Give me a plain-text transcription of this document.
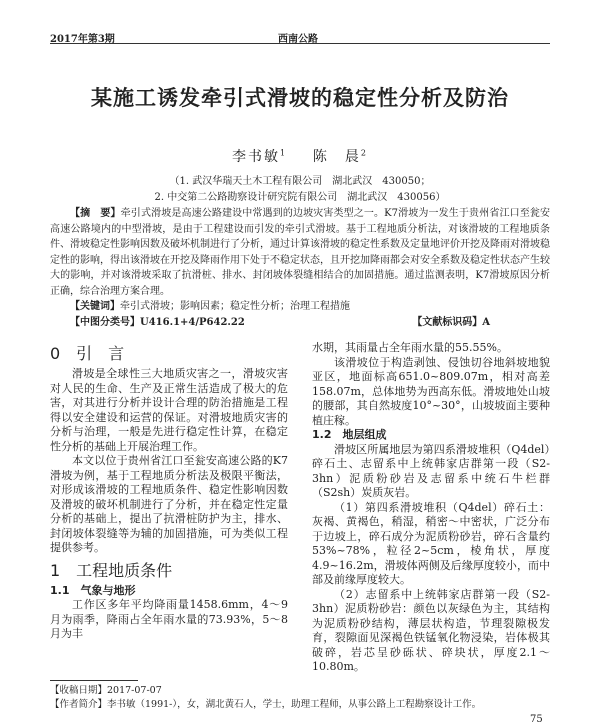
2017年第3期	西南公路
某施工诱发牵引式滑坡的稳定性分析及防治
李书敏$^1$ 陈　晨$^2$
（1. 武汉华瑞天土木工程有限公司　湖北武汉　430050；
2. 中交第二公路勘察设计研究院有限公司　湖北武汉　430056）
【摘　要】牵引式滑坡是高速公路建设中常遇到的边坡灾害类型之一。K7滑坡为一发生于贵州省江口至瓮安高速公路境内的中型滑坡，是由于工程建设而引发的牵引式滑坡。基于工程地质分析法，对该滑坡的工程地质条件、滑坡稳定性影响因数及破坏机制进行了分析，通过计算该滑坡的稳定性系数及定量地评价开挖及降雨对滑坡稳定性的影响，得出该滑坡在开挖及降雨作用下处于不稳定状态，且开挖加降雨都会对安全系数及稳定性状态产生较大的影响，并对该滑坡采取了抗滑桩、排水、封闭坡体裂缝相结合的加固措施。通过监测表明，K7滑坡原因分析正确，综合治理方案合理。
【关键词】 牵引式滑坡；影响因素；稳定性分析；治理工程措施
【中图分类号】U416.1+4/P642.22	【文献标识码】A
0　引　言

滑坡是全球性三大地质灾害之一，滑坡灾害对人民的生命、生产及正常生活造成了极大的危害，对其进行分析并设计合理的防治措施是工程得以安全建设和运营的保证。对滑坡地质灾害的分析与治理，一般是先进行稳定性计算，在稳定性分析的基础上开展治理工作。

本文以位于贵州省江口至瓮安高速公路的K7滑坡为例，基于工程地质分析法及极限平衡法，对形成该滑坡的工程地质条件、稳定性影响因数及滑坡的破坏机制进行了分析，并在稳定性定量分析的基础上，提出了抗滑桩防护为主，排水、封闭坡体裂缝等为辅的加固措施，可为类似工程提供参考。

1　工程地质条件
1.1　气象与地形

工作区多年平均降雨量1458.6mm，4～9月为雨季，降雨占全年雨水量的73.93%，5～8月为丰

水期，其雨量占全年雨水量的55.55%。

该滑坡位于构造剥蚀、侵蚀切谷地斜坡地貌亚区，地面标高651.0~809.07m，相对高差158.07m，总体地势为西高东低。滑坡地处山坡的腰部，其自然坡度10°~30°，山坡坡面主要种植庄稼。

1.2　地层组成

滑坡区所属地层为第四系滑坡堆积（Q4del）碎石土、志留系中上统韩家店群第一段（S2-3hn）泥质粉砂岩及志留系中统石牛栏群（S2sh）炭质灰岩。

（1）第四系滑坡堆积（Q4del）碎石土：灰褐、黄褐色，稍湿，稍密～中密状，广泛分布于边坡上，碎石成分为泥质粉砂岩，碎石含量约53%~78%，粒径2~5cm，棱角状，厚度4.9~16.2m，滑坡体两侧及后缘厚度较小，而中部及前缘厚度较大。

（2）志留系中上统韩家店群第一段（S2-3hn）泥质粉砂岩：颜色以灰绿色为主，其结构为泥质粉砂结构，薄层状构造，节理裂隙极发育，裂隙面见深褐色铁锰氧化物浸染，岩体极其破碎，岩芯呈砂砾状、碎块状，厚度2.1～10.80m。

【收稿日期】2017-07-07
【作者简介】李书敏（1991-），女，湖北黄石人，学士，助理工程师，从事公路上工程勘察设计工作。
75
